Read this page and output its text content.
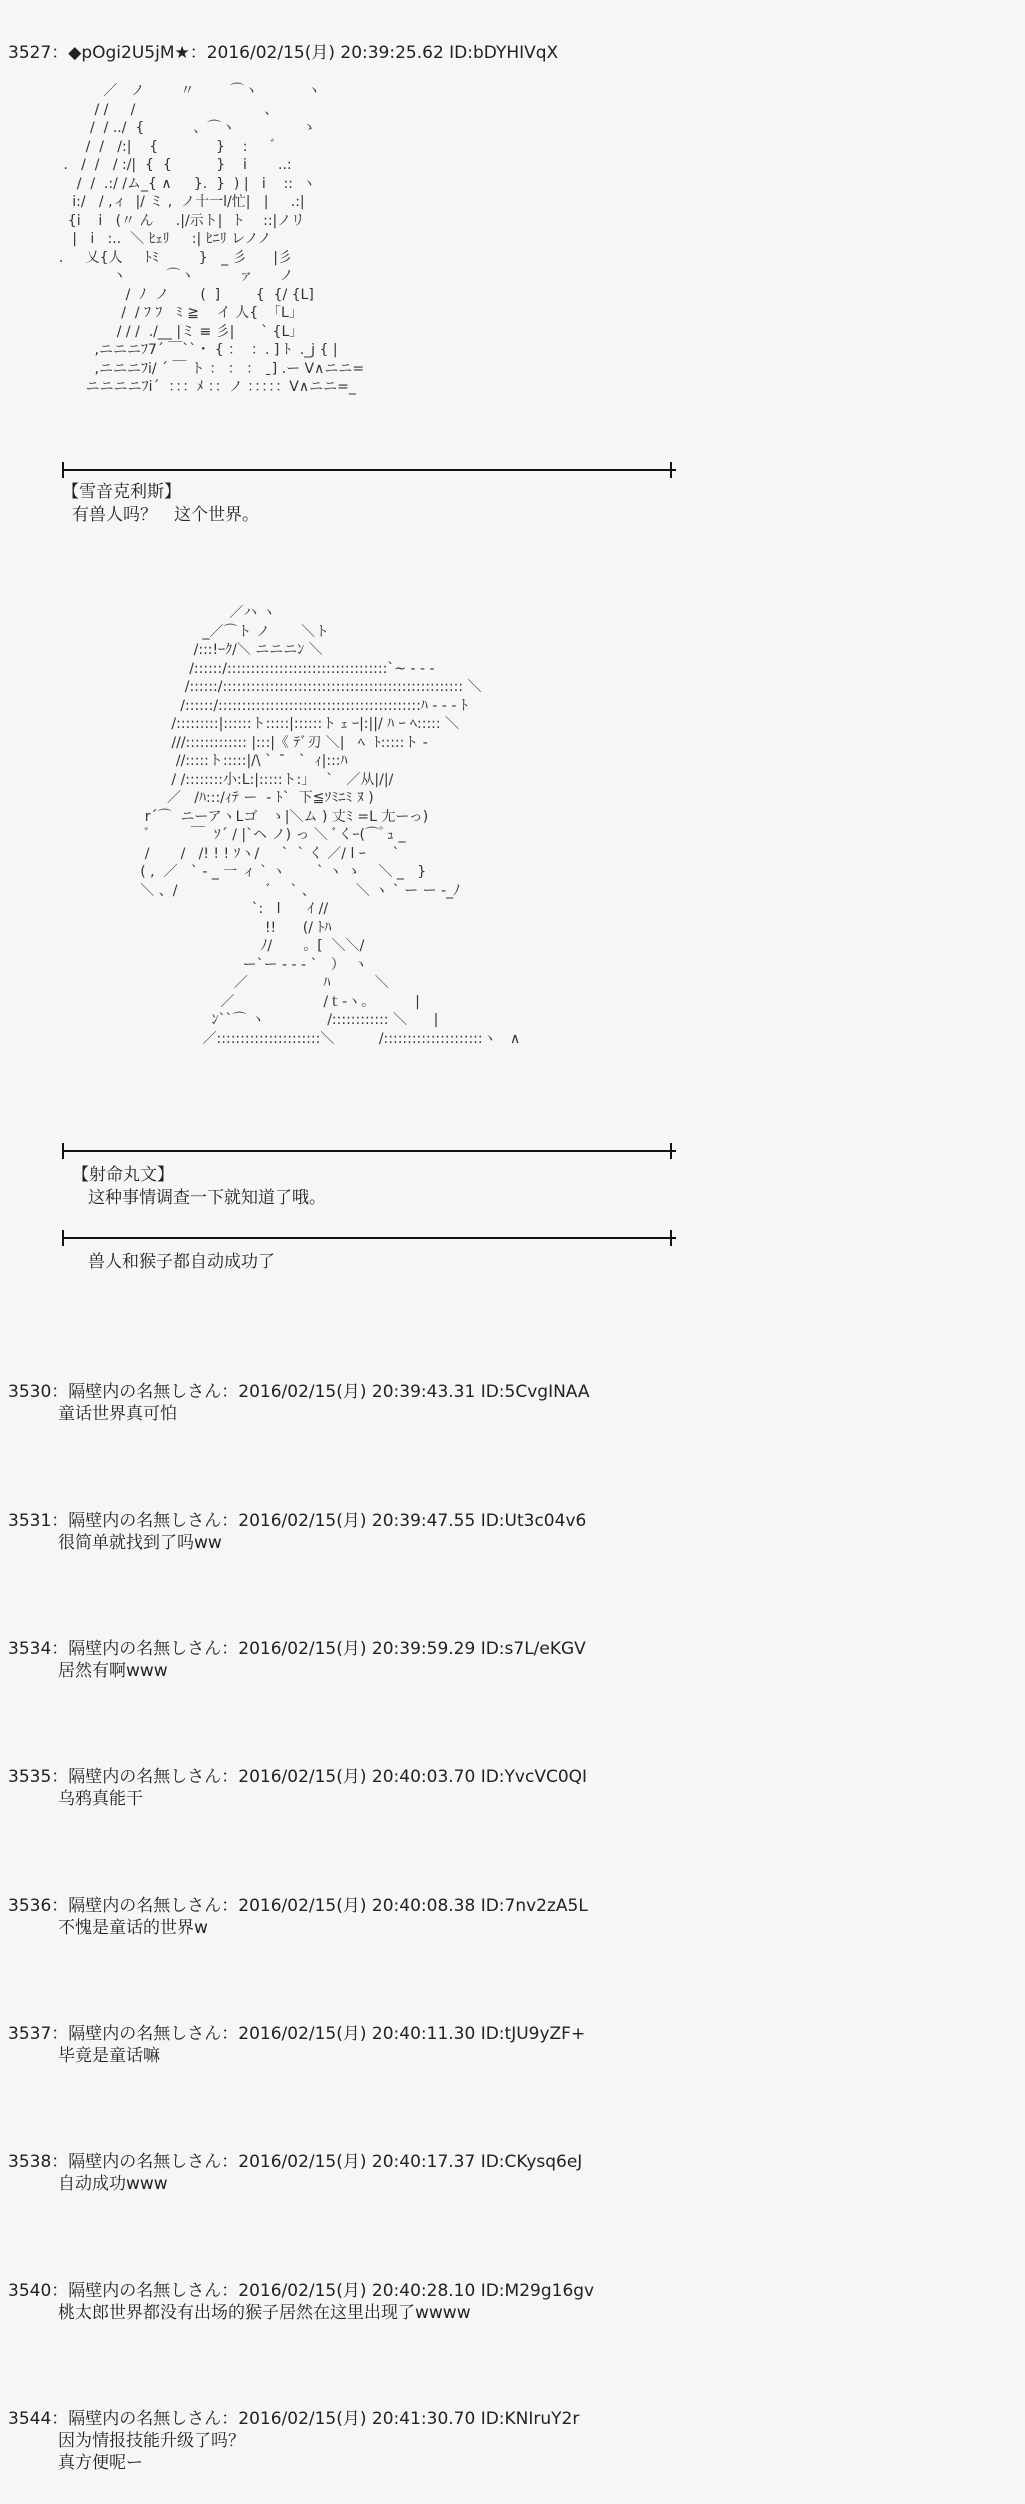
3527：◆pOgi2U5jM★：2016/02/15(月) 20:39:25.62 ID:bDYHIVqX
／   ノ        〃        ⌒ヽ           ヽ
/ /     /                             、
/  / ../  {           、⌒ヽ               ゝ
/  /   /:|    {             }    :     ゛
.   /  /   / :/|  {  {          }    i       ..:
/  /  .:/ /ム_{ ∧     }.  }  ) |   i    ::  ヽ
i:/   / ,ィ  |/ ミ ,  ノ十一l/忙|   |     .:|
{i    i   (〃 ん     .|/示ト|  ト    ::|ノリ
|   i   :..  ＼ ﾋｪﾘ     :| ﾋﾆﾘ レノノ
.     乂{人     ﾄﾐ         }   _ 彡      |彡
ヽ         ⌒ヽ          ァ      ノ
/  ﾉ  ノ       (  ]        {  {/ {L]
/  / ﾌ ﾌ   ﾐ ≧    イ 人{  「L」
/ / /  ./__ |ミ ≡ 彡|      ` {L」
,ニニニﾌ7´ ￣``・ { ：  ：. ] ﾄ  ._j { |
,ニニニﾌi/ ´ ￣ ト ： ： ： ˍ] .ー V∧ニニ=
ニニニニﾌi´  ：：：ﾒ ：：ノ ：：：：：V∧ニニ=_
【雪音克利斯】
有兽人吗？　这个世界。
／ハ ヽ
_／⌒ト ノ       ＼ト
/:::!ｰｸ/＼ ニニニﾝ ＼
/::::::/::::::::::::::::::::::::::::::::::`~ ‐ ‐ ‐
/::::::/::::::::::::::::::::::::::::::::::::::::::::::::::: ＼
/::::::/:::::::::::::::::::::::::::::::::::::::::::ﾊ ‐ ‐ ‐ ﾄ
/:::::::::|::::::ト:::::|::::::ト ｪ ｰ|:||/ ﾊ ｰ ﾍ::::: ＼
///::::::::::::: |:::|《 ﾃﾞ刃 ＼|   ﾍ  ﾄ:::::ト ‐
//:::::ト:::::|/\ `   ̄   `  ｨ|:::ﾊ
/ /::::::::小:L:|:::::ト:｣    `   ／从|/|/
／   /ﾊ:::/ｨﾃ ー  ‐ ﾄ`  下≦ｿﾐﾆﾐ ﾇ )
r´⌒  ニーアヽLゴ   ゝ|＼ム ) 丈ﾐ =L 尢ーっ)
ﾞ         ￣  ｿ´ / |`ヘ ノ) っ ＼ ﾞくｰ(⌒ ゚ ｭ _
/       /   /! ! ! ｿヽ/     `  ` く ／/ l ｰ      `
( ,  ／   ` - _ 一 ィ ` ヽ       ` ヽ ゝ    ＼ _   }
＼ 、/                    ﾞ    ` 、         ＼ ヽ ` ー ー ‐_ﾉ
`:   l      ｲ //
!!      (/ ﾄﾊ
ﾉ/       。[  ＼＼/
ー`ー ‐ ‐ ‐ `   ）  ヽ
／                 ﾊ          ＼
／                    /ｔ-ヽ。         |
ﾝ``⌒ ヽ              /:::::::::::: ＼      |
／::::::::::::::::::::::＼          /:::::::::::::::::::::ヽ   ∧
【射命丸文】
这种事情调查一下就知道了哦。
兽人和猴子都自动成功了
3530：隔壁内の名無しさん：2016/02/15(月) 20:39:43.31 ID:5CvgINAA
童话世界真可怕
3531：隔壁内の名無しさん：2016/02/15(月) 20:39:47.55 ID:Ut3c04v6
很简单就找到了吗ww
3534：隔壁内の名無しさん：2016/02/15(月) 20:39:59.29 ID:s7L/eKGV
居然有啊www
3535：隔壁内の名無しさん：2016/02/15(月) 20:40:03.70 ID:YvcVC0QI
乌鸦真能干
3536：隔壁内の名無しさん：2016/02/15(月) 20:40:08.38 ID:7nv2zA5L
不愧是童话的世界w
3537：隔壁内の名無しさん：2016/02/15(月) 20:40:11.30 ID:tJU9yZF+
毕竟是童话嘛
3538：隔壁内の名無しさん：2016/02/15(月) 20:40:17.37 ID:CKysq6eJ
自动成功www
3540：隔壁内の名無しさん：2016/02/15(月) 20:40:28.10 ID:M29g16gv
桃太郎世界都没有出场的猴子居然在这里出现了wwww
3544：隔壁内の名無しさん：2016/02/15(月) 20:41:30.70 ID:KNIruY2r
因为情报技能升级了吗？
真方便呢ー
